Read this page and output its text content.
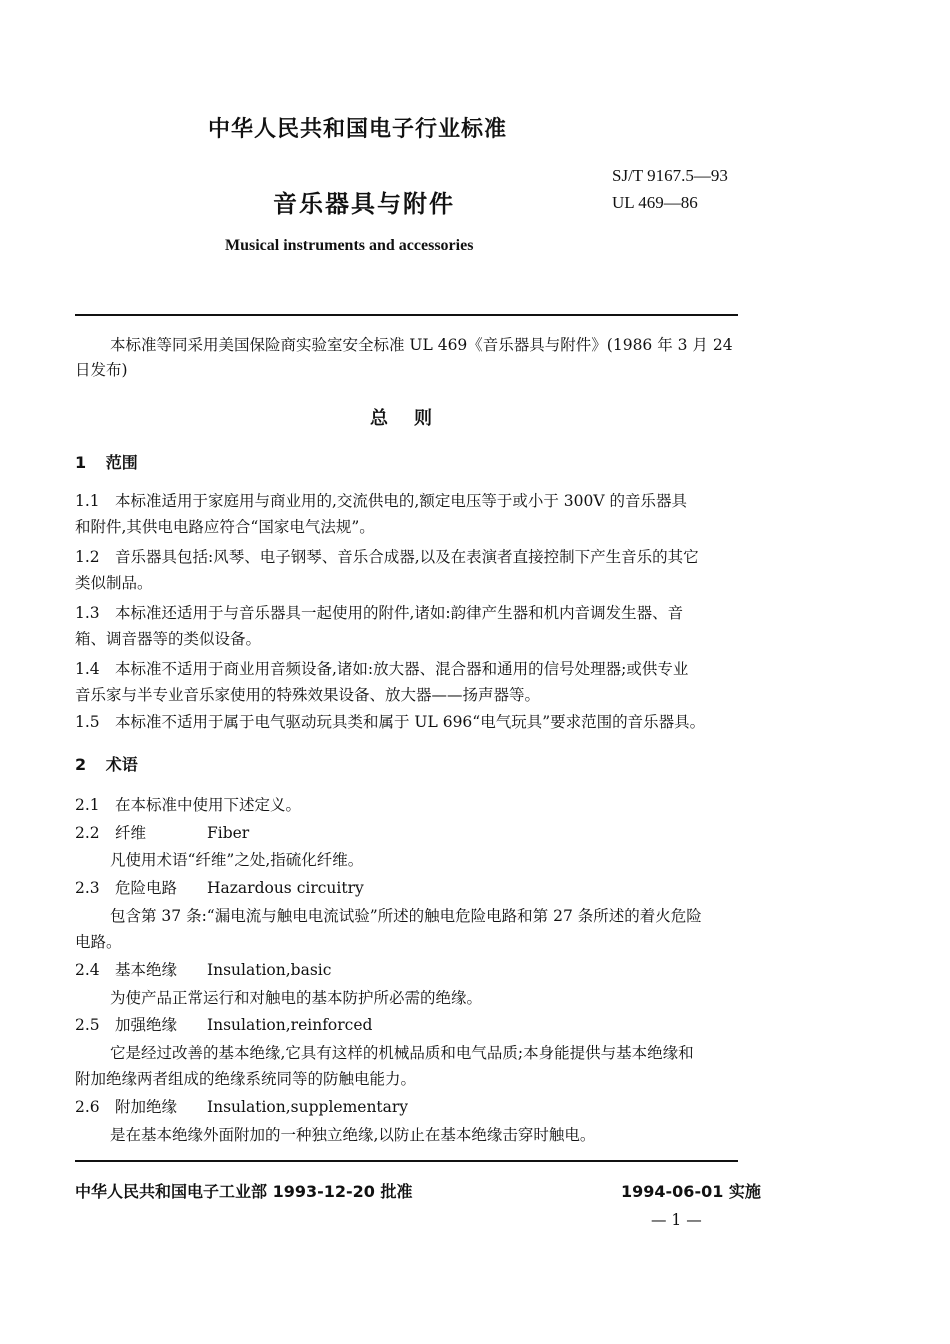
中华人民共和国电子行业标准
SJ/T 9167.5—93
UL 469—86
音乐器具与附件
Musical instruments and accessories
本标准等同采用美国保险商实验室安全标准 UL 469《音乐器具与附件》(1986 年 3 月 24
日发布)
总则
1 范围
1.1 本标准适用于家庭用与商业用的,交流供电的,额定电压等于或小于 300V 的音乐器具
和附件,其供电电路应符合“国家电气法规”。
1.2 音乐器具包括:风琴、电子钢琴、音乐合成器,以及在表演者直接控制下产生音乐的其它
类似制品。
1.3 本标准还适用于与音乐器具一起使用的附件,诸如:韵律产生器和机内音调发生器、音
箱、调音器等的类似设备。
1.4 本标准不适用于商业用音频设备,诸如:放大器、混合器和通用的信号处理器;或供专业
音乐家与半专业音乐家使用的特殊效果设备、放大器——扬声器等。
1.5 本标准不适用于属于电气驱动玩具类和属于 UL 696“电气玩具”要求范围的音乐器具。
2 术语
2.1 在本标准中使用下述定义。
2.2 纤维	Fiber
凡使用术语“纤维”之处,指硫化纤维。
2.3 危险电路 Hazardous circuitry
包含第 37 条:“漏电流与触电电流试验”所述的触电危险电路和第 27 条所述的着火危险
电路。
2.4 基本绝缘 Insulation,basic
为使产品正常运行和对触电的基本防护所必需的绝缘。
2.5 加强绝缘 Insulation,reinforced
它是经过改善的基本绝缘,它具有这样的机械品质和电气品质;本身能提供与基本绝缘和
附加绝缘两者组成的绝缘系统同等的防触电能力。
2.6 附加绝缘 Insulation,supplementary
是在基本绝缘外面附加的一种独立绝缘,以防止在基本绝缘击穿时触电。
中华人民共和国电子工业部 1993-12-20 批准	1994-06-01 实施
— 1 —
